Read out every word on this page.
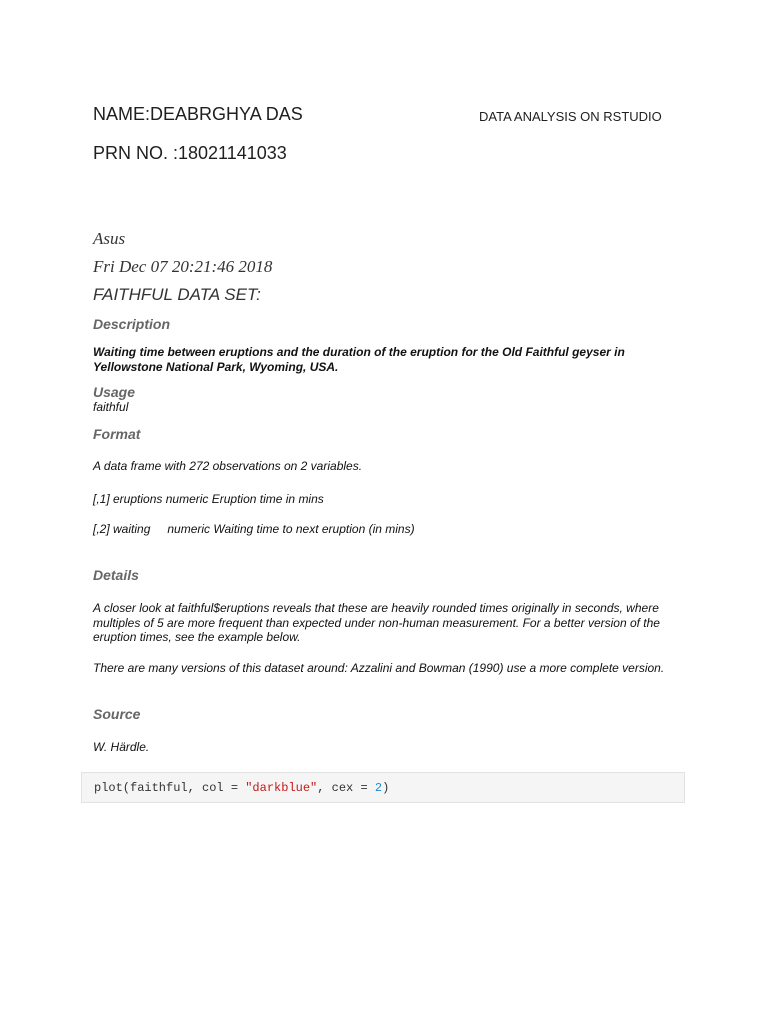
NAME:DEABRGHYA DAS	DATA ANALYSIS ON RSTUDIO
PRN NO. :18021141033
Asus
Fri Dec 07 20:21:46 2018
FAITHFUL DATA SET:
Description
Waiting time between eruptions and the duration of the eruption for the Old Faithful geyser in Yellowstone National Park, Wyoming, USA.
Usage
faithful
Format
A data frame with 272 observations on 2 variables.
[,1] eruptions numeric Eruption time in mins
[,2] waiting numeric Waiting time to next eruption (in mins)
Details
A closer look at faithful$eruptions reveals that these are heavily rounded times originally in seconds, where multiples of 5 are more frequent than expected under non-human measurement. For a better version of the eruption times, see the example below.
There are many versions of this dataset around: Azzalini and Bowman (1990) use a more complete version.
Source
W. Härdle.
plot(faithful, col = "darkblue", cex = 2)
